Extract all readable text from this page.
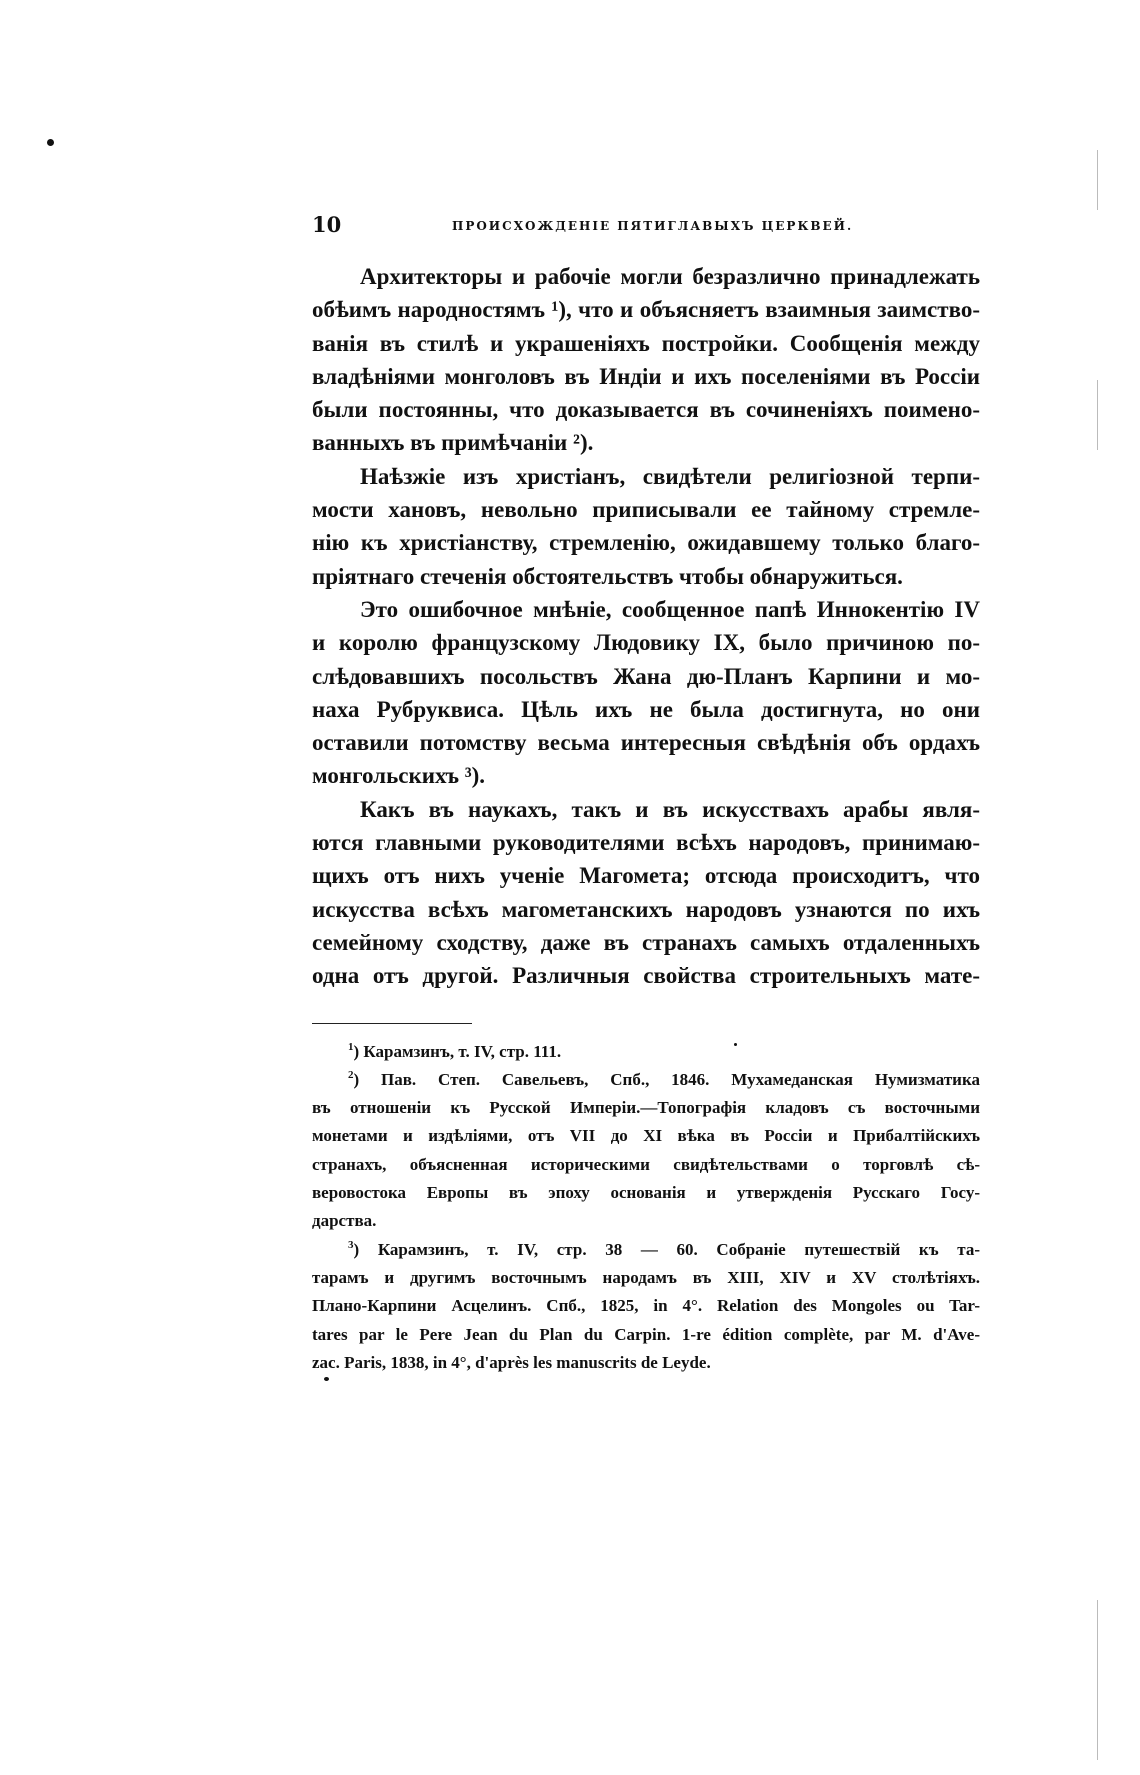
10	ПРОИСХОЖДЕНІЕ ПЯТИГЛАВЫХЪ ЦЕРКВЕЙ.

Архитекторы и рабочіе могли безразлично принадлежать
обѣимъ народностямъ ¹), что и объясняетъ взаимныя заимство-
ванія въ стилѣ и украшеніяхъ постройки. Сообщенія между
владѣніями монголовъ въ Индіи и ихъ поселеніями въ Россіи
были постоянны, что доказывается въ сочиненіяхъ поимено-
ванныхъ въ примѣчаніи ²).

Наѣзжіе изъ христіанъ, свидѣтели религіозной терпи-
мости хановъ, невольно приписывали ее тайному стремле-
нію къ христіанству, стремленію, ожидавшему только благо-
пріятнаго стеченія обстоятельствъ чтобы обнаружиться.

Это ошибочное мнѣніе, сообщенное папѣ Иннокентію IV
и королю французскому Людовику IX, было причиною по-
слѣдовавшихъ посольствъ Жана дю-Планъ Карпини и мо-
наха Рубруквиса. Цѣль ихъ не была достигнута, но они
оставили потомству весьма интересныя свѣдѣнія объ ордахъ
монгольскихъ ³).

Какъ въ наукахъ, такъ и въ искусствахъ арабы явля-
ются главными руководителями всѣхъ народовъ, принимаю-
щихъ отъ нихъ ученіе Магомета; отсюда происходитъ, что
искусства всѣхъ магометанскихъ народовъ узнаются по ихъ
семейному сходству, даже въ странахъ самыхъ отдаленныхъ
одна отъ другой. Различныя свойства строительныхъ мате-

$^1$) Карамзинъ, т. IV, стр. 111.
$^2$) Пав. Степ. Савельевъ, Спб., 1846. Мухамеданская Нумизматика
въ отношеніи къ Русской Имперіи.—Топографія кладовъ съ восточными
монетами и издѣліями, отъ VII до XI вѣка въ Россіи и Прибалтійскихъ
странахъ, объясненная историческими свидѣтельствами о торговлѣ сѣ-
веровостока Европы въ эпоху основанія и утвержденія Русскаго Госу-
дарства.
$^3$) Карамзинъ, т. IV, стр. 38 — 60. Собраніе путешествій къ та-
тарамъ и другимъ восточнымъ народамъ въ XIII, XIV и XV столѣтіяхъ.
Плано-Карпини Асцелинъ. Спб., 1825, in 4°. Relation des Mongoles ou Tar-
tares par le Pere Jean du Plan du Carpin. 1-re édition complète, par M. d'Ave-
zac. Paris, 1838, in 4°, d'après les manuscrits de Leyde.
